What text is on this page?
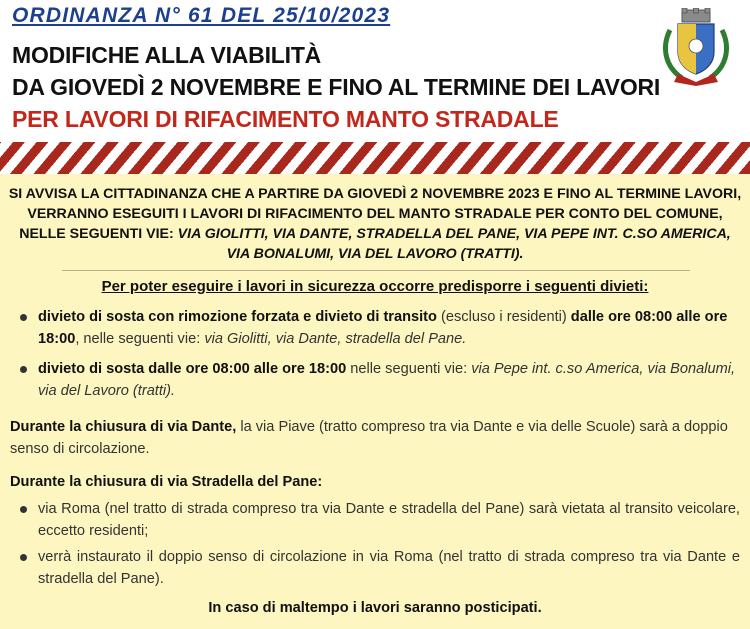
ORDINANZA N° 61 DEL 25/10/2023

MODIFICHE ALLA VIABILITÀ

DA GIOVEDÌ 2 NOVEMBRE E FINO AL TERMINE DEI LAVORI

PER LAVORI DI RIFACIMENTO MANTO STRADALE

SI AVVISA LA CITTADINANZA CHE A PARTIRE DA GIOVEDÌ 2 NOVEMBRE 2023 E FINO AL TERMINE LAVORI, VERRANNO ESEGUITI I LAVORI DI RIFACIMENTO DEL MANTO STRADALE PER CONTO DEL COMUNE, NELLE SEGUENTI VIE: VIA GIOLITTI, VIA DANTE, STRADELLA DEL PANE, VIA PEPE INT. C.SO AMERICA, VIA BONALUMI, VIA DEL LAVORO (TRATTI).

Per poter eseguire i lavori in sicurezza occorre predisporre i seguenti divieti:

divieto di sosta con rimozione forzata e divieto di transito (escluso i residenti) dalle ore 08:00 alle ore 18:00, nelle seguenti vie: via Giolitti, via Dante, stradella del Pane.
divieto di sosta dalle ore 08:00 alle ore 18:00 nelle seguenti vie: via Pepe int. c.so America, via Bonalumi, via del Lavoro (tratti).

Durante la chiusura di via Dante, la via Piave (tratto compreso tra via Dante e via delle Scuole) sarà a doppio senso di circolazione.

Durante la chiusura di via Stradella del Pane:

via Roma (nel tratto di strada compreso tra via Dante e stradella del Pane) sarà vietata al transito veicolare, eccetto residenti;
verrà instaurato il doppio senso di circolazione in via Roma (nel tratto di strada compreso tra via Dante e stradella del Pane).

In caso di maltempo i lavori saranno posticipati.
